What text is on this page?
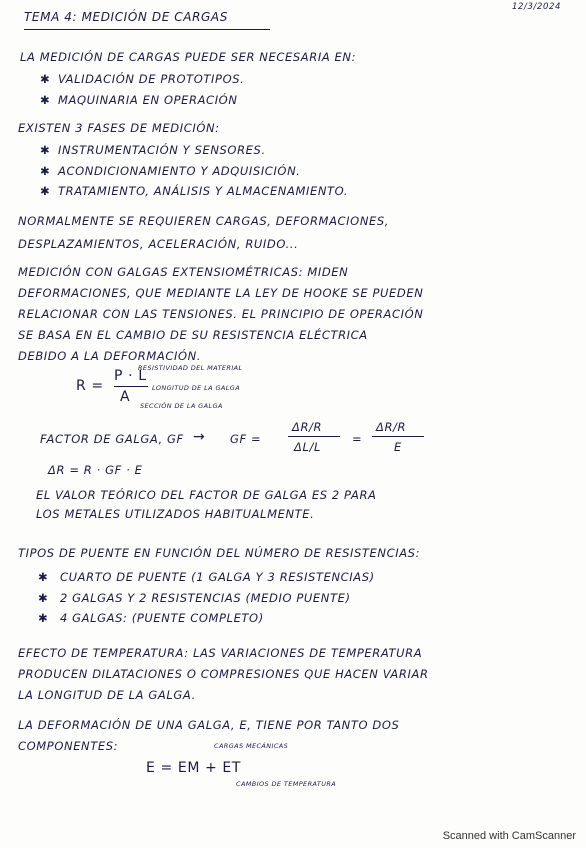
TEMA 4: MEDICIÓN DE CARGAS
12/3/2024
LA MEDICIÓN DE CARGAS PUEDE SER NECESARIA EN:
✱ VALIDACIÓN DE PROTOTIPOS.
✱ MAQUINARIA EN OPERACIÓN
EXISTEN 3 FASES DE MEDICIÓN:
✱ INSTRUMENTACIÓN Y SENSORES.
✱ ACONDICIONAMIENTO Y ADQUISICIÓN.
✱ TRATAMIENTO, ANÁLISIS Y ALMACENAMIENTO.
NORMALMENTE SE REQUIEREN CARGAS, DEFORMACIONES,
DESPLAZAMIENTOS, ACELERACIÓN, RUIDO...
MEDICIÓN CON GALGAS EXTENSIOMÉTRICAS: MIDEN
DEFORMACIONES, QUE MEDIANTE LA LEY DE HOOKE SE PUEDEN
RELACIONAR CON LAS TENSIONES. EL PRINCIPIO DE OPERACIÓN
SE BASA EN EL CAMBIO DE SU RESISTENCIA ELÉCTRICA
DEBIDO A LA DEFORMACIÓN.
R =
Ρ · L
A
RESISTIVIDAD DEL MATERIAL
LONGITUD DE LA GALGA
SECCIÓN DE LA GALGA
FACTOR DE GALGA, GF → GF =
ΔR/R
ΔL/L
=
ΔR/R
Ε
ΔR = R · GF · Ε
EL VALOR TEÓRICO DEL FACTOR DE GALGA ES 2 PARA
LOS METALES UTILIZADOS HABITUALMENTE.
TIPOS DE PUENTE EN FUNCIÓN DEL NÚMERO DE RESISTENCIAS:
✱ CUARTO DE PUENTE (1 GALGA Y 3 RESISTENCIAS)
✱ 2 GALGAS Y 2 RESISTENCIAS (MEDIO PUENTE)
✱ 4 GALGAS: (PUENTE COMPLETO)
EFECTO DE TEMPERATURA: LAS VARIACIONES DE TEMPERATURA
PRODUCEN DILATACIONES O COMPRESIONES QUE HACEN VARIAR
LA LONGITUD DE LA GALGA.
LA DEFORMACIÓN DE UNA GALGA, Ε, TIENE POR TANTO DOS
COMPONENTES:	CARGAS MECÁNICAS
Ε = ΕM + ΕT
CAMBIOS DE TEMPERATURA
Scanned with CamScanner
